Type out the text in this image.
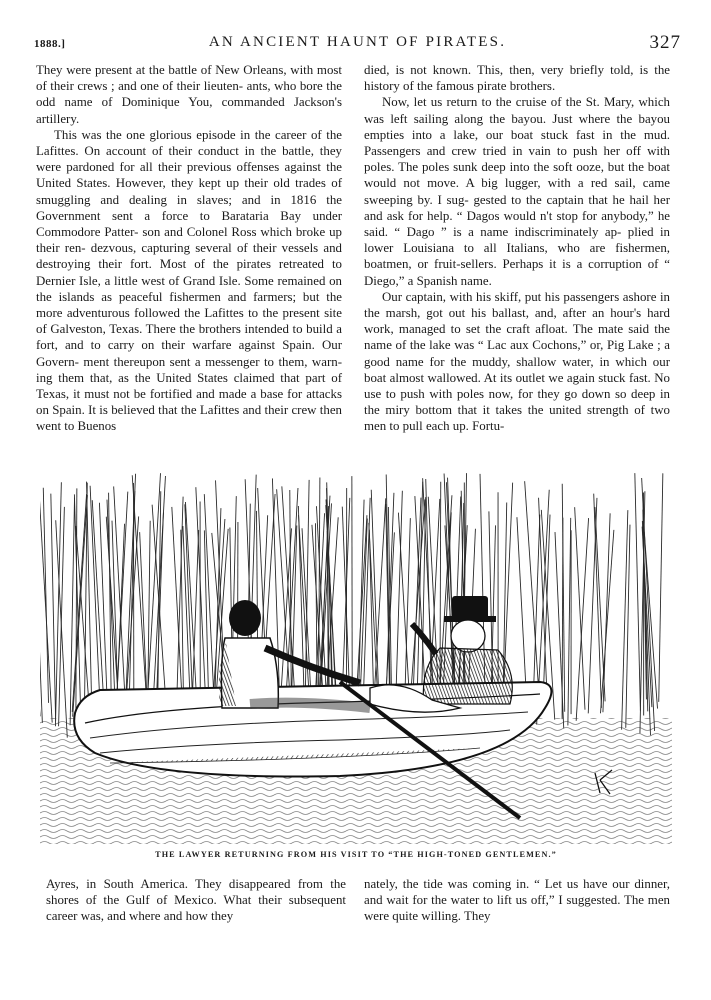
1888.]	AN ANCIENT HAUNT OF PIRATES.	327

They were present at the battle of New Orleans, with most of their crews ; and one of their lieuten- ants, who bore the odd name of Dominique You, commanded Jackson's artillery.

This was the one glorious episode in the career of the Lafittes. On account of their conduct in the battle, they were pardoned for all their previous offenses against the United States. However, they kept up their old trades of smuggling and dealing in slaves; and in 1816 the Government sent a force to Barataria Bay under Commodore Patter- son and Colonel Ross which broke up their ren- dezvous, capturing several of their vessels and destroying their fort. Most of the pirates retreated to Dernier Isle, a little west of Grand Isle. Some remained on the islands as peaceful fishermen and farmers; but the more adventurous followed the Lafittes to the present site of Galveston, Texas. There the brothers intended to build a fort, and to carry on their warfare against Spain. Our Govern- ment thereupon sent a messenger to them, warn- ing them that, as the United States claimed that part of Texas, it must not be fortified and made a base for attacks on Spain. It is believed that the Lafittes and their crew then went to Buenos

died, is not known. This, then, very briefly told, is the history of the famous pirate brothers.

Now, let us return to the cruise of the St. Mary, which was left sailing along the bayou. Just where the bayou empties into a lake, our boat stuck fast in the mud. Passengers and crew tried in vain to push her off with poles. The poles sunk deep into the soft ooze, but the boat would not move. A big lugger, with a red sail, came sweeping by. I sug- gested to the captain that he hail her and ask for help. “ Dagos would n't stop for anybody,” he said. “ Dago ” is a name indiscriminately ap- plied in lower Louisiana to all Italians, who are fishermen, boatmen, or fruit-sellers. Perhaps it is a corruption of “ Diego,” a Spanish name.

Our captain, with his skiff, put his passengers ashore in the marsh, got out his ballast, and, after an hour's hard work, managed to set the craft afloat. The mate said the name of the lake was “ Lac aux Cochons,” or, Pig Lake ; a good name for the muddy, shallow water, in which our boat almost wallowed. At its outlet we again stuck fast. No use to push with poles now, for they go down so deep in the miry bottom that it takes the united strength of two men to pull each up. Fortu-

THE LAWYER RETURNING FROM HIS VISIT TO “THE HIGH-TONED GENTLEMEN.”

Ayres, in South America. They disappeared from the shores of the Gulf of Mexico. What their subsequent career was, and where and how they

nately, the tide was coming in. “ Let us have our dinner, and wait for the water to lift us off,” I suggested. The men were quite willing. They
